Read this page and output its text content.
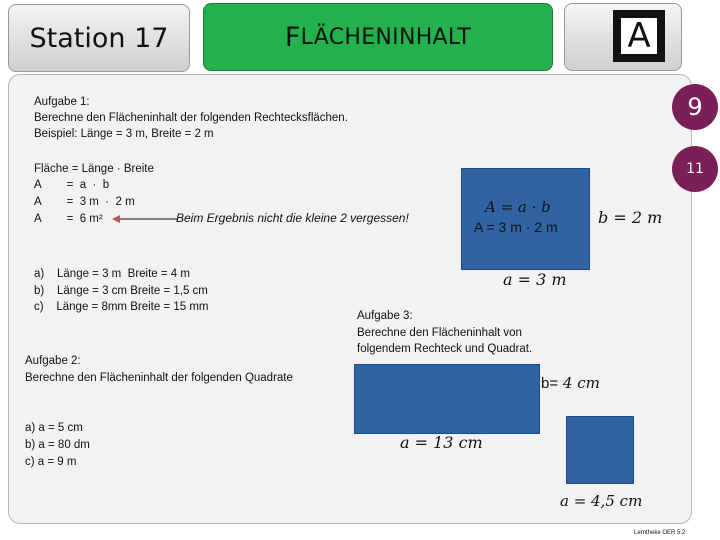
Station 17	F LÄCHENINHALT	A
9
11
Aufgabe 1:
Berechne den Flächeninhalt der folgenden Rechtecksflächen.
Beispiel: Länge = 3 m, Breite = 2 m
Fläche = Länge · Breite
A        =  a  ·  b
A        =  3 m  ·  2 m
A        =  6 m²	Beim Ergebnis nicht die kleine 2 vergessen!
a)    Länge = 3 m  Breite = 4 m
b)    Länge = 3 cm Breite = 1,5 cm
c)    Länge = 8mm Breite = 15 mm
A = a · b
A = 3 m · 2 m	b = 2 m
a = 3 m
Aufgabe 2:
Berechne den Flächeninhalt der folgenden Quadrate
a) a = 5 cm
b) a = 80 dm
c) a = 9 m
Aufgabe 3:
Berechne den Flächeninhalt von
folgendem Rechteck und Quadrat.
b= 4 cm
a = 13 cm
a = 4,5 cm
Lerntheke OER 5.2
